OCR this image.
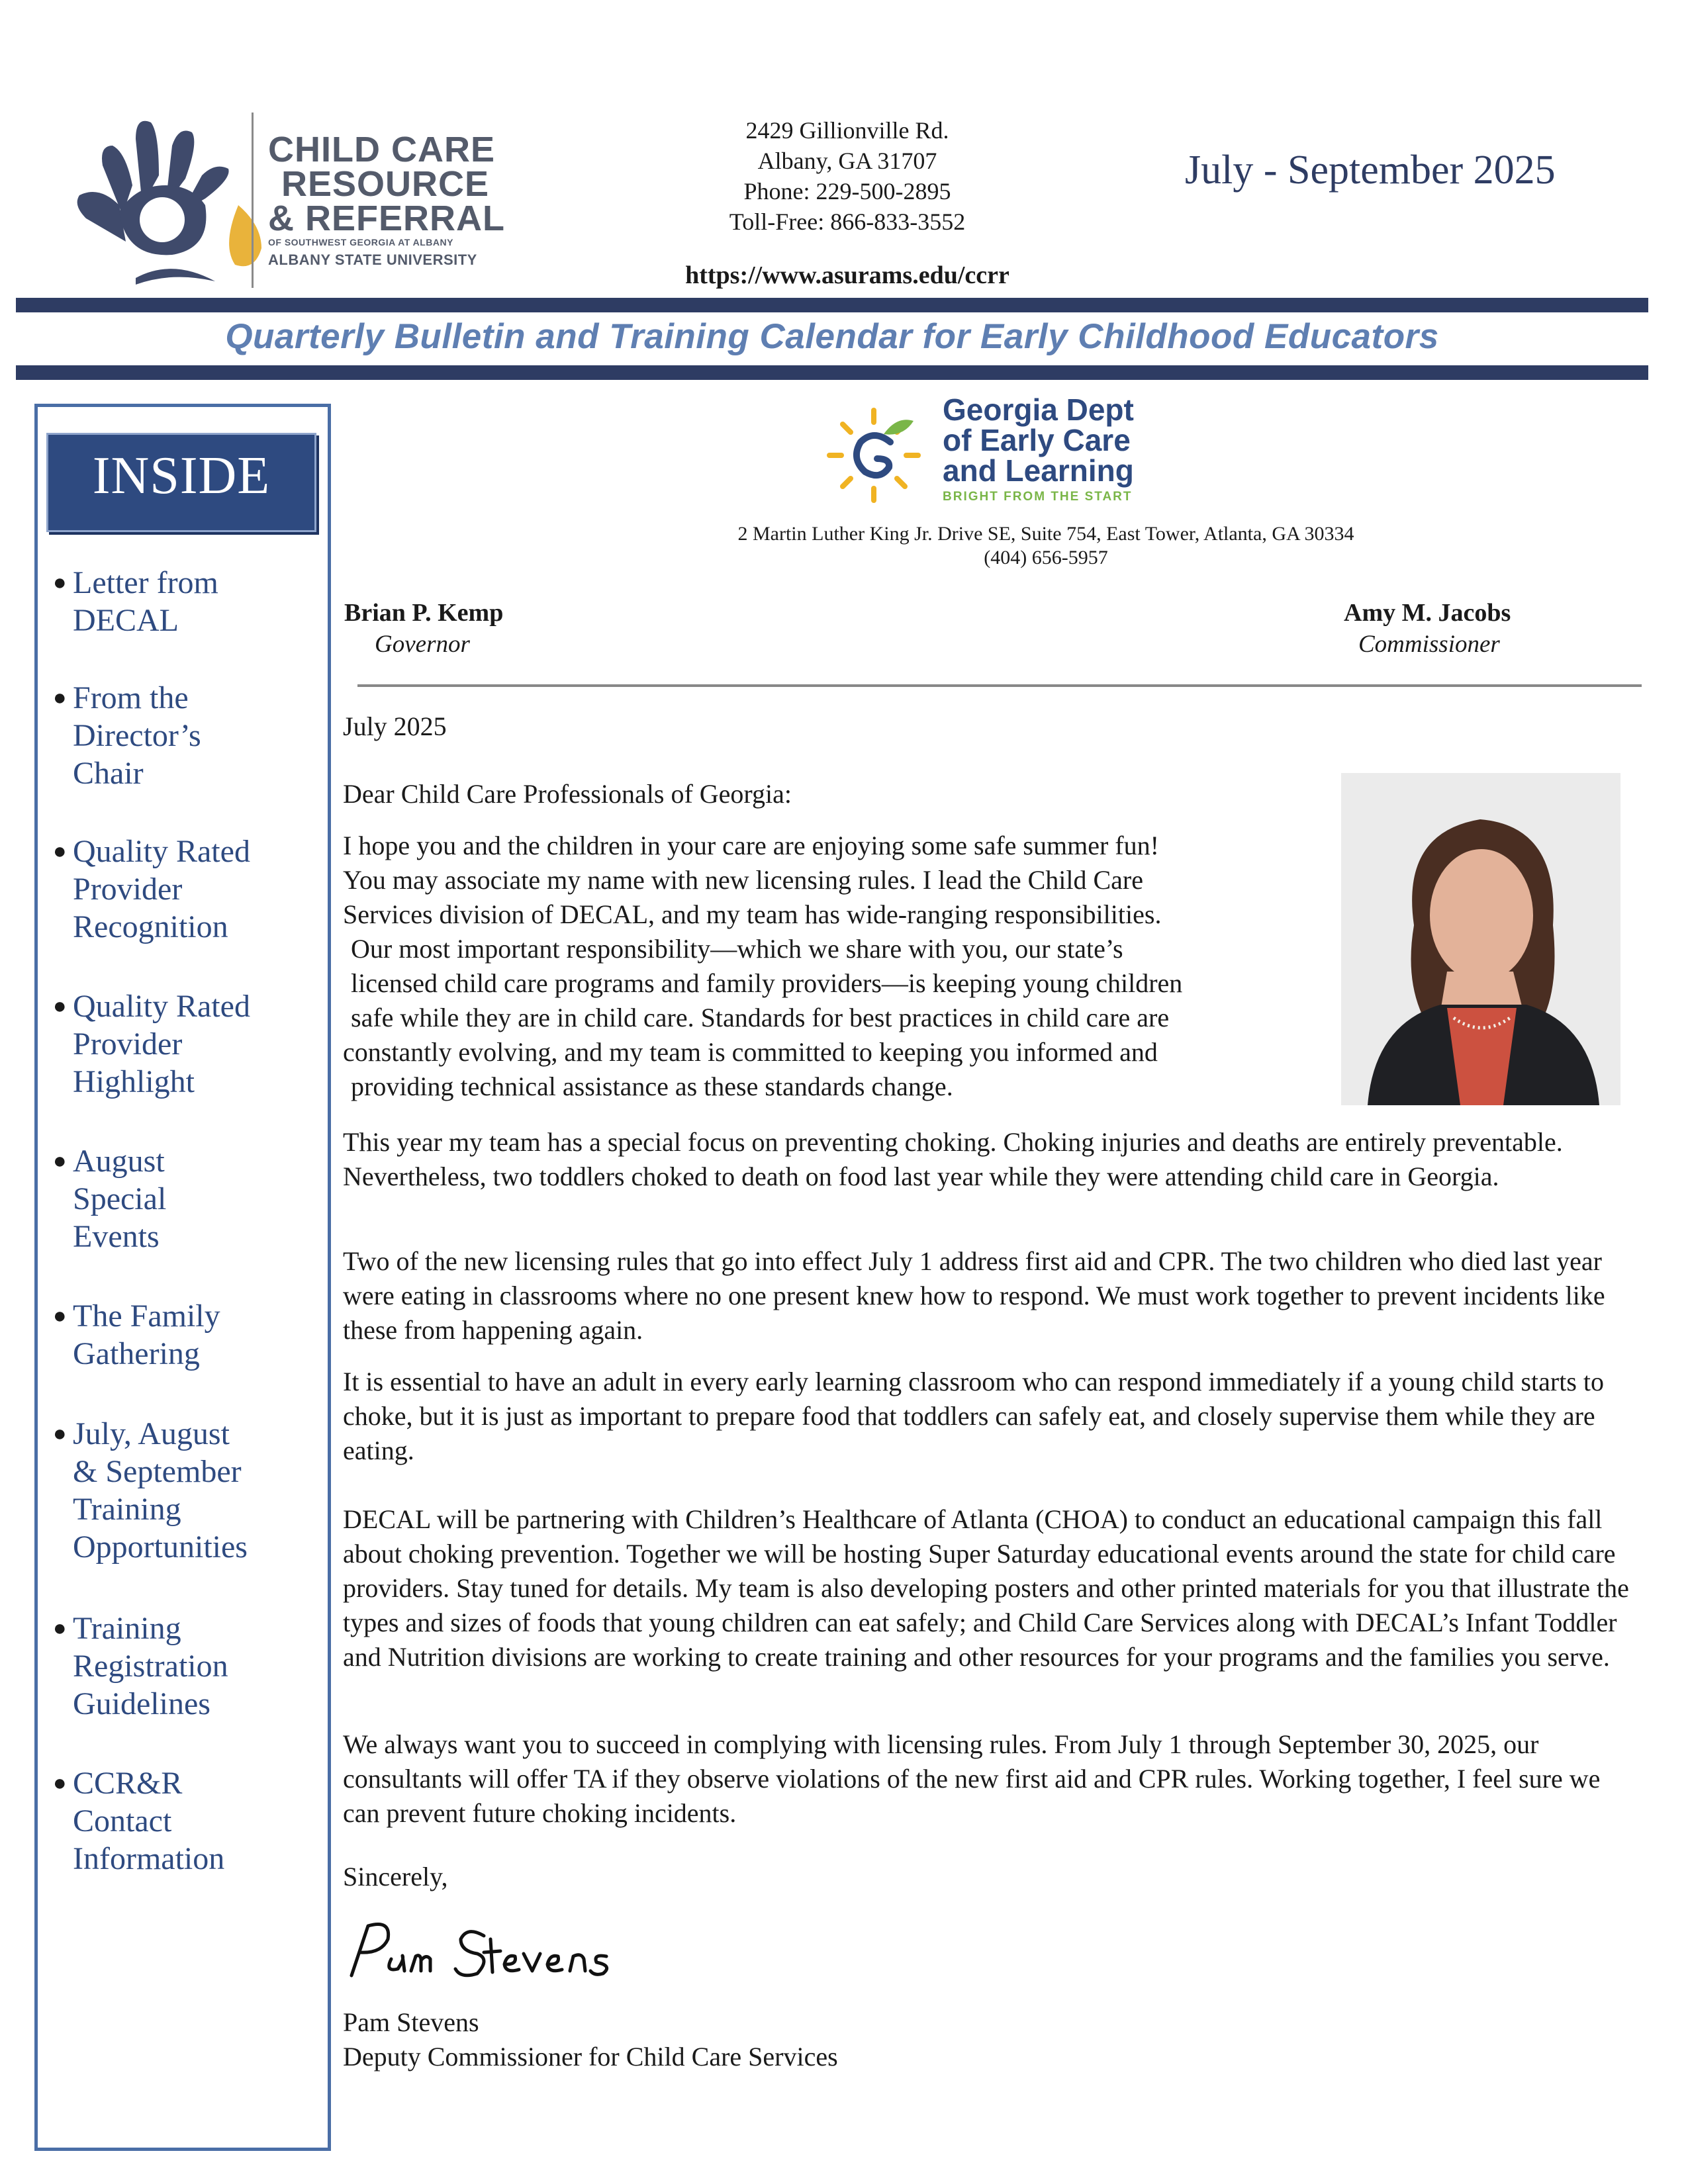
CHILD CARE
RESOURCE
& REFERRAL
OF SOUTHWEST GEORGIA AT ALBANY
ALBANY STATE UNIVERSITY
2429 Gillionville Rd.
Albany, GA 31707
Phone: 229-500-2895
Toll-Free: 866-833-3552
https://www.asurams.edu/ccrr
July - September 2025
Quarterly Bulletin and Training Calendar for Early Childhood Educators
INSIDE
● Letter from
DECAL
● From the
Director’s
Chair
● Quality Rated
Provider
Recognition
● Quality Rated
Provider
Highlight
● August
Special
Events
● The Family
Gathering
● July, August
& September
Training
Opportunities
● Training
Registration
Guidelines
● CCR&R
Contact
Information
Georgia Dept
of Early Care
and Learning
BRIGHT FROM THE START
2 Martin Luther King Jr. Drive SE, Suite 754, East Tower, Atlanta, GA 30334
(404) 656-5957
Brian P. Kemp
Governor
Amy M. Jacobs
Commissioner
July 2025
Dear Child Care Professionals of Georgia:
I hope you and the children in your care are enjoying some safe summer fun!
You may associate my name with new licensing rules. I lead the Child Care
Services division of DECAL, and my team has wide-ranging responsibilities.
Our most important responsibility—which we share with you, our state’s
licensed child care programs and family providers—is keeping young children
safe while they are in child care. Standards for best practices in child care are
constantly evolving, and my team is committed to keeping you informed and
providing technical assistance as these standards change.
This year my team has a special focus on preventing choking. Choking injuries and deaths are entirely preventable. Nevertheless, two toddlers choked to death on food last year while they were attending child care in Georgia.
Two of the new licensing rules that go into effect July 1 address first aid and CPR. The two children who died last year were eating in classrooms where no one present knew how to respond. We must work together to prevent incidents like these from happening again.
It is essential to have an adult in every early learning classroom who can respond immediately if a young child starts to choke, but it is just as important to prepare food that toddlers can safely eat, and closely supervise them while they are eating.
DECAL will be partnering with Children’s Healthcare of Atlanta (CHOA) to conduct an educational campaign this fall about choking prevention. Together we will be hosting Super Saturday educational events around the state for child care providers. Stay tuned for details. My team is also developing posters and other printed materials for you that illustrate the types and sizes of foods that young children can eat safely; and Child Care Services along with DECAL’s Infant Toddler and Nutrition divisions are working to create training and other resources for your programs and the families you serve.
We always want you to succeed in complying with licensing rules. From July 1 through September 30, 2025, our consultants will offer TA if they observe violations of the new first aid and CPR rules. Working together, I feel sure we can prevent future choking incidents.
Sincerely,
Pam Stevens
Deputy Commissioner for Child Care Services
